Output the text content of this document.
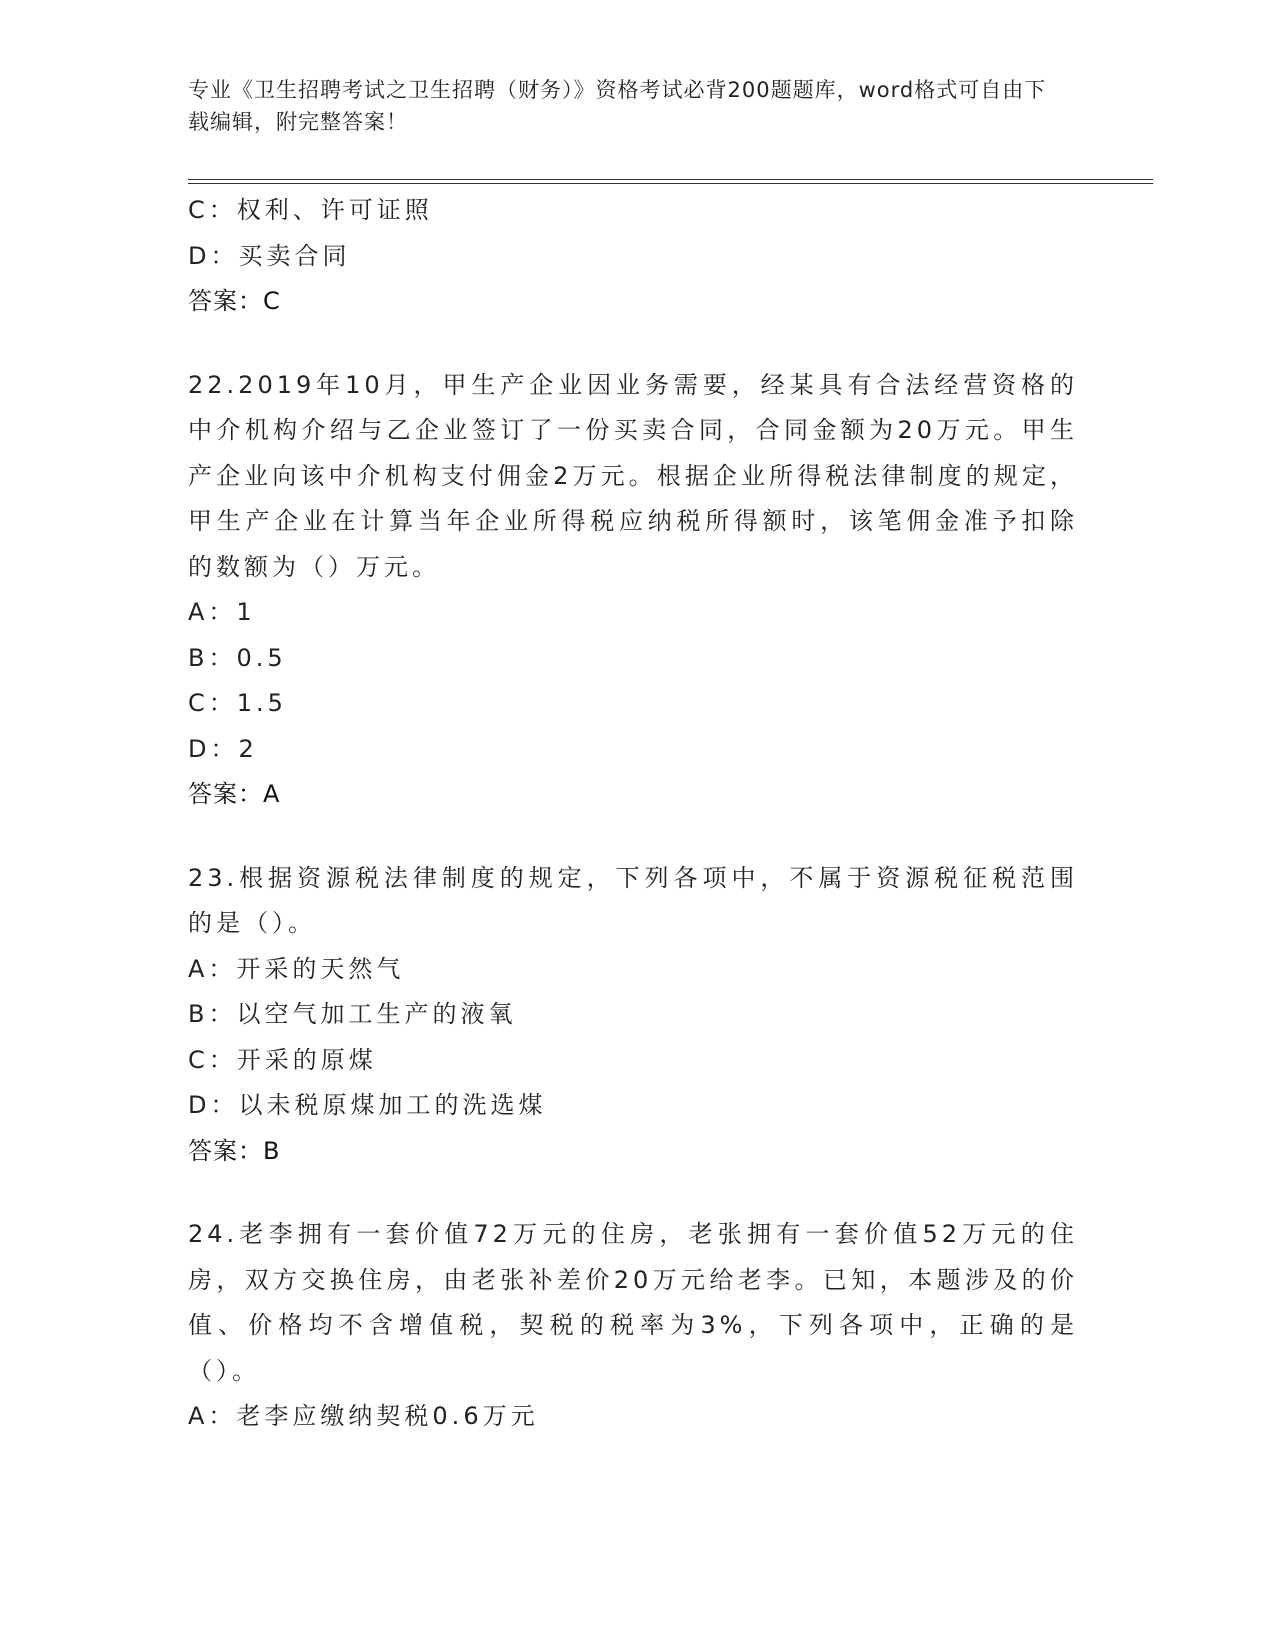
专业《卫生招聘考试之卫生招聘（财务）》资格考试必背200题题库，word格式可自由下载编辑，附完整答案！
C：权利、许可证照
D：买卖合同
答案：C
22.2019年10月，甲生产企业因业务需要，经某具有合法经营资格的中介机构介绍与乙企业签订了一份买卖合同，合同金额为20万元。甲生产企业向该中介机构支付佣金2万元。根据企业所得税法律制度的规定，甲生产企业在计算当年企业所得税应纳税所得额时，该笔佣金准予扣除的数额为（）万元。
A：1
B：0.5
C：1.5
D：2
答案：A
23.根据资源税法律制度的规定，下列各项中，不属于资源税征税范围的是（）。
A：开采的天然气
B：以空气加工生产的液氧
C：开采的原煤
D：以未税原煤加工的洗选煤
答案：B
24.老李拥有一套价值72万元的住房，老张拥有一套价值52万元的住房，双方交换住房，由老张补差价20万元给老李。已知，本题涉及的价值、价格均不含增值税，契税的税率为3%，下列各项中，正确的是（）。
A：老李应缴纳契税0.6万元
